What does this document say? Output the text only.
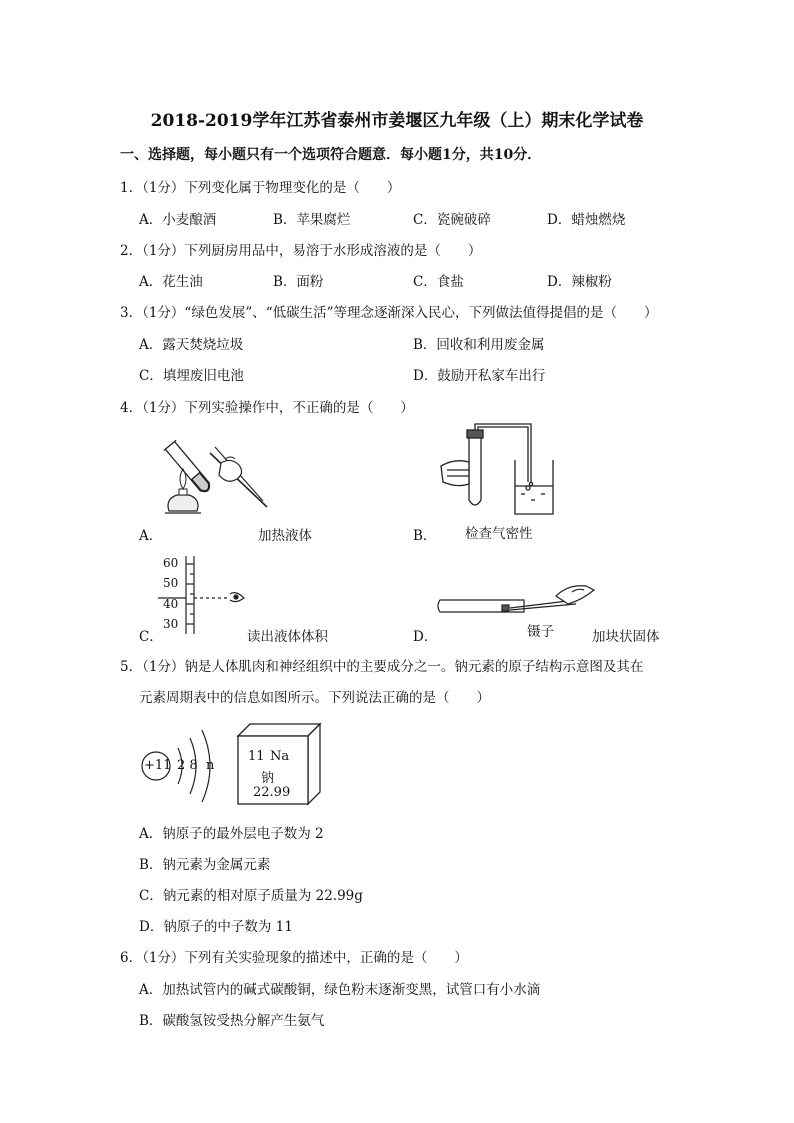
2018-2019学年江苏省泰州市姜堰区九年级（上）期末化学试卷
一、选择题，每小题只有一个选项符合题意．每小题1分，共10分．
1．（1分）下列变化属于物理变化的是（　　）
A．小麦酿酒	B．苹果腐烂	C．瓷碗破碎	D．蜡烛燃烧
2．（1分）下列厨房用品中，易溶于水形成溶液的是（　　）
A．花生油	B．面粉	C．食盐	D．辣椒粉
3．（1分）“绿色发展”、“低碳生活”等理念逐渐深入民心，下列做法值得提倡的是（　　）
A．露天焚烧垃圾	B．回收和利用废金属
C．填埋废旧电池	D．鼓励开私家车出行
4．（1分）下列实验操作中，不正确的是（　　）
A．	加热液体	B． 检查气密性
60
50
40
30
C．	读出液体体积	D．	镊子	加块状固体
5．（1分）钠是人体肌肉和神经组织中的主要成分之一。钠元素的原子结构示意图及其在
元素周期表中的信息如图所示。下列说法正确的是（　　）
+11 2 8  n
11 Na
钠
22.99
A．钠原子的最外层电子数为 2
B．钠元素为金属元素
C．钠元素的相对原子质量为 22.99g
D．钠原子的中子数为 11
6．（1分）下列有关实验现象的描述中，正确的是（　　）
A．加热试管内的碱式碳酸铜，绿色粉末逐渐变黑，试管口有小水滴
B．碳酸氢铵受热分解产生氨气
